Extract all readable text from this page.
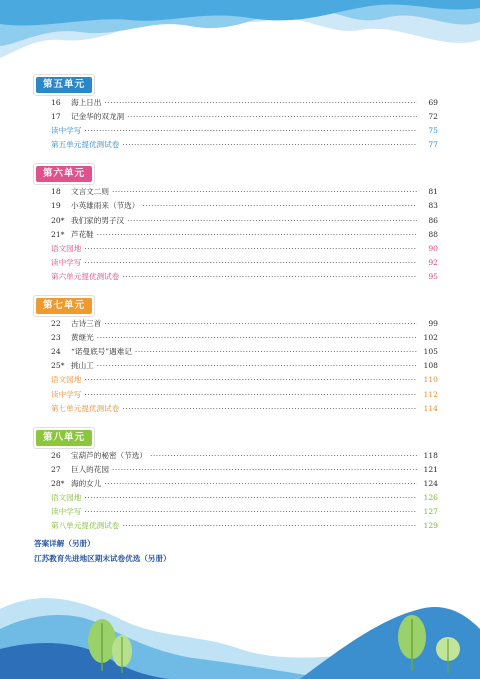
第五单元
16	海上日出 ·····	69
17	记金华的双龙洞 ·····	72
读中学写 ·····	75
第五单元提优测试卷 ·····	77
第六单元
18	文言文二则 ·····	81
19	小英雄雨来（节选） ·····	83
20* 我们家的男子汉 ·····	86
21* 芦花鞋 ·····	88
语文园地 ·····	90
读中学写 ·····	92
第六单元提优测试卷 ·····	95
第七单元
22	古诗三首 ·····	99
23	黄继光 ·····	102
24	“诺曼底号”遇难记 ·····	105
25* 挑山工 ·····	108
语文园地 ·····	110
读中学写 ·····	112
第七单元提优测试卷 ·····	114
第八单元
26	宝葫芦的秘密（节选） ·····	118
27	巨人的花园 ·····	121
28* 海的女儿 ·····	124
语文园地 ·····	126
读中学写 ·····	127
第八单元提优测试卷 ·····	129
答案详解（另册）
江苏教育先进地区期末试卷优选（另册）
